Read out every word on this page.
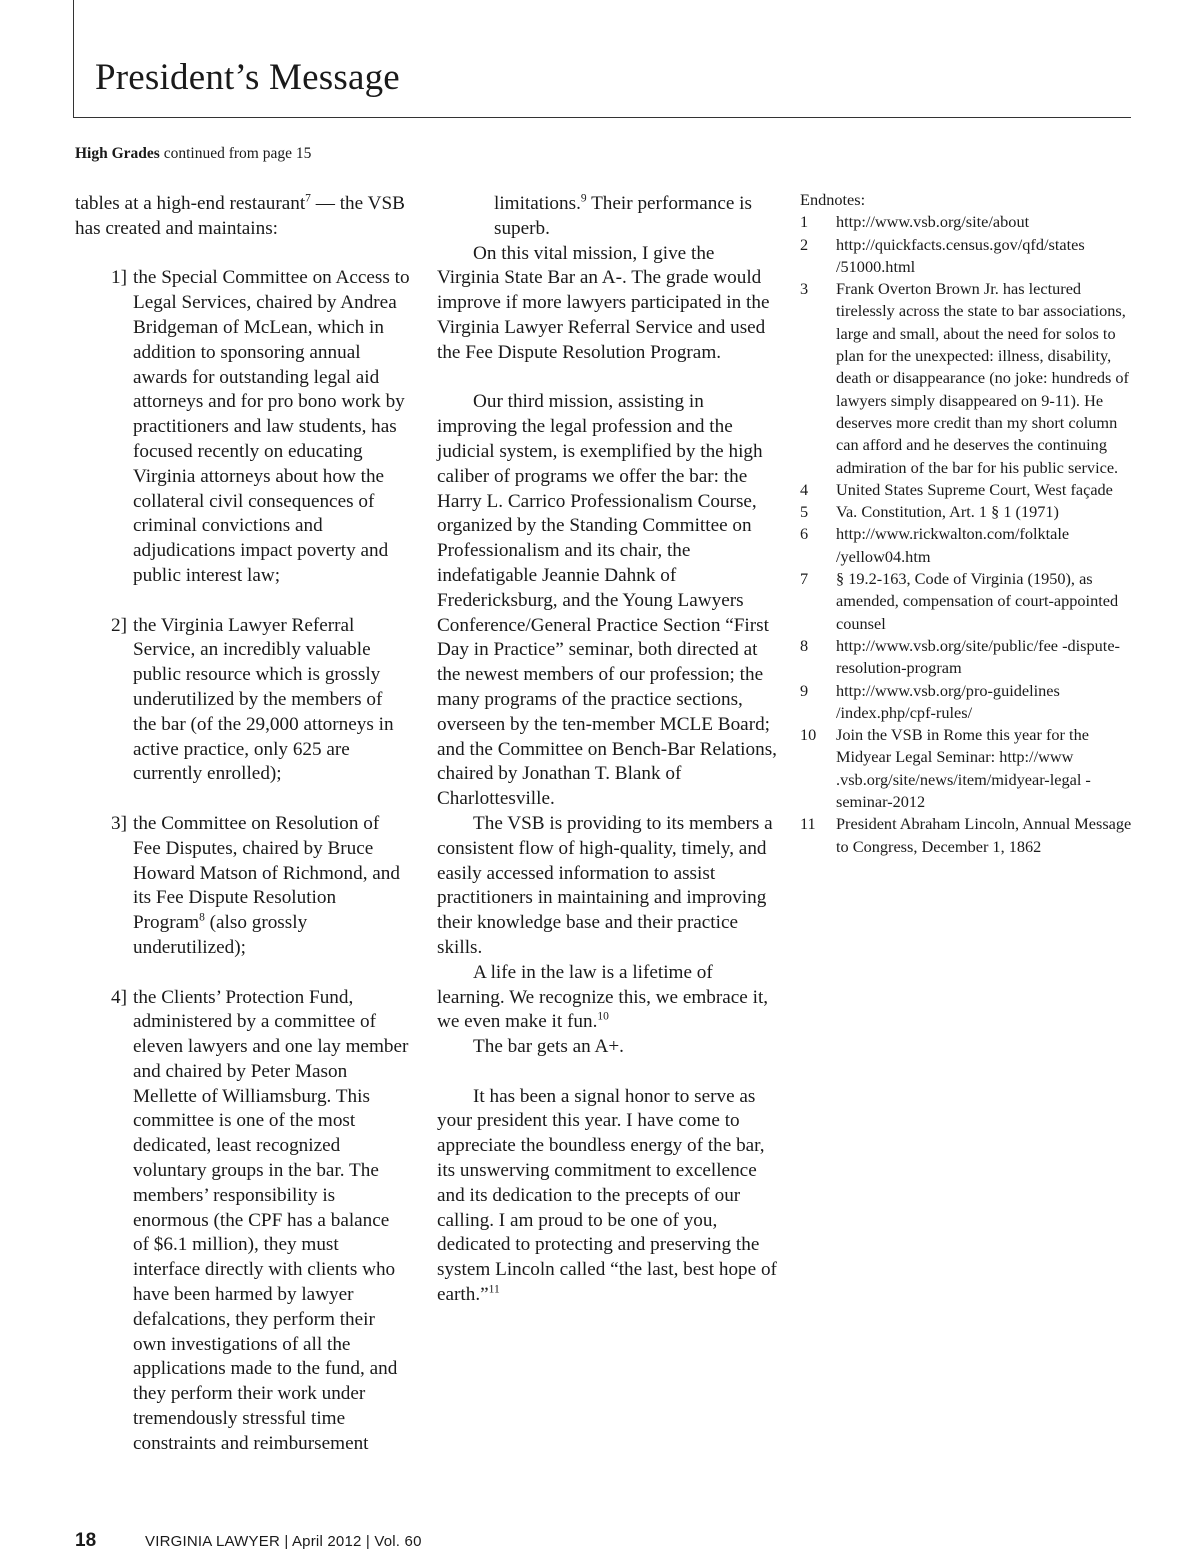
President’s Message
High Grades continued from page 15

tables at a high-end restaurant$^7$ — the VSB has created and maintains:

1] the Special Committee on Access to Legal Services, chaired by Andrea Bridgeman of McLean, which in addition to sponsoring annual awards for outstanding legal aid attorneys and for pro bono work by practitioners and law students, has focused recently on educating Virginia attorneys about how the collateral civil consequences of criminal convictions and adjudications impact poverty and public interest law;
2] the Virginia Lawyer Referral Service, an incredibly valuable public resource which is grossly underutilized by the members of the bar (of the 29,000 attorneys in active practice, only 625 are currently enrolled);
3] the Committee on Resolution of Fee Disputes, chaired by Bruce Howard Matson of Richmond, and its Fee Dispute Resolution Program$^8$ (also grossly underutilized);
4] the Clients’ Protection Fund, administered by a committee of eleven lawyers and one lay member and chaired by Peter Mason Mellette of Williamsburg. This committee is one of the most dedicated, least recognized voluntary groups in the bar. The members’ responsibility is enormous (the CPF has a balance of $6.1 million), they must interface directly with clients who have been harmed by lawyer defalcations, they perform their own investigations of all the applications made to the fund, and they perform their work under tremendously stressful time constraints and reimbursement

limitations.$^9$ Their performance is superb.

On this vital mission, I give the Virginia State Bar an A-. The grade would improve if more lawyers participated in the Virginia Lawyer Referral Service and used the Fee Dispute Resolution Program.

Our third mission, assisting in improving the legal profession and the judicial system, is exemplified by the high caliber of programs we offer the bar: the Harry L. Carrico Professionalism Course, organized by the Standing Committee on Professionalism and its chair, the indefatigable Jeannie Dahnk of Fredericksburg, and the Young Lawyers Conference/General Practice Section “First Day in Practice” seminar, both directed at the newest members of our profession; the many programs of the practice sections, overseen by the ten-member MCLE Board; and the Committee on Bench-Bar Relations, chaired by Jonathan T. Blank of Charlottesville.

The VSB is providing to its members a consistent flow of high-quality, timely, and easily accessed information to assist practitioners in maintaining and improving their knowledge base and their practice skills.

A life in the law is a lifetime of learning. We recognize this, we embrace it, we even make it fun.$^{10}$

The bar gets an A+.

It has been a signal honor to serve as your president this year. I have come to appreciate the boundless energy of the bar, its unswerving commitment to excellence and its dedication to the precepts of our calling. I am proud to be one of you, dedicated to protecting and preserving the system Lincoln called “the last, best hope of earth.”$^{11}$

Endnotes:

1	http://www.vsb.org/site/about
2	http://quickfacts.census.gov/qfd/states /51000.html
3	Frank Overton Brown Jr. has lectured tirelessly across the state to bar associations, large and small, about the need for solos to plan for the unexpected: illness, disability, death or disappearance (no joke: hundreds of lawyers simply disappeared on 9-11). He deserves more credit than my short column can afford and he deserves the continuing admiration of the bar for his public service.
4	United States Supreme Court, West façade
5	Va. Constitution, Art. 1 § 1 (1971)
6	http://www.rickwalton.com/folktale /yellow04.htm
7	§ 19.2-163, Code of Virginia (1950), as amended, compensation of court-appointed counsel
8	http://www.vsb.org/site/public/fee -dispute-resolution-program
9	http://www.vsb.org/pro-guidelines /index.php/cpf-rules/
10	Join the VSB in Rome this year for the Midyear Legal Seminar: http://www .vsb.org/site/news/item/midyear-legal -seminar-2012
11	President Abraham Lincoln, Annual Message to Congress, December 1, 1862
18	VIRGINIA LAWYER | April 2012 | Vol. 60
